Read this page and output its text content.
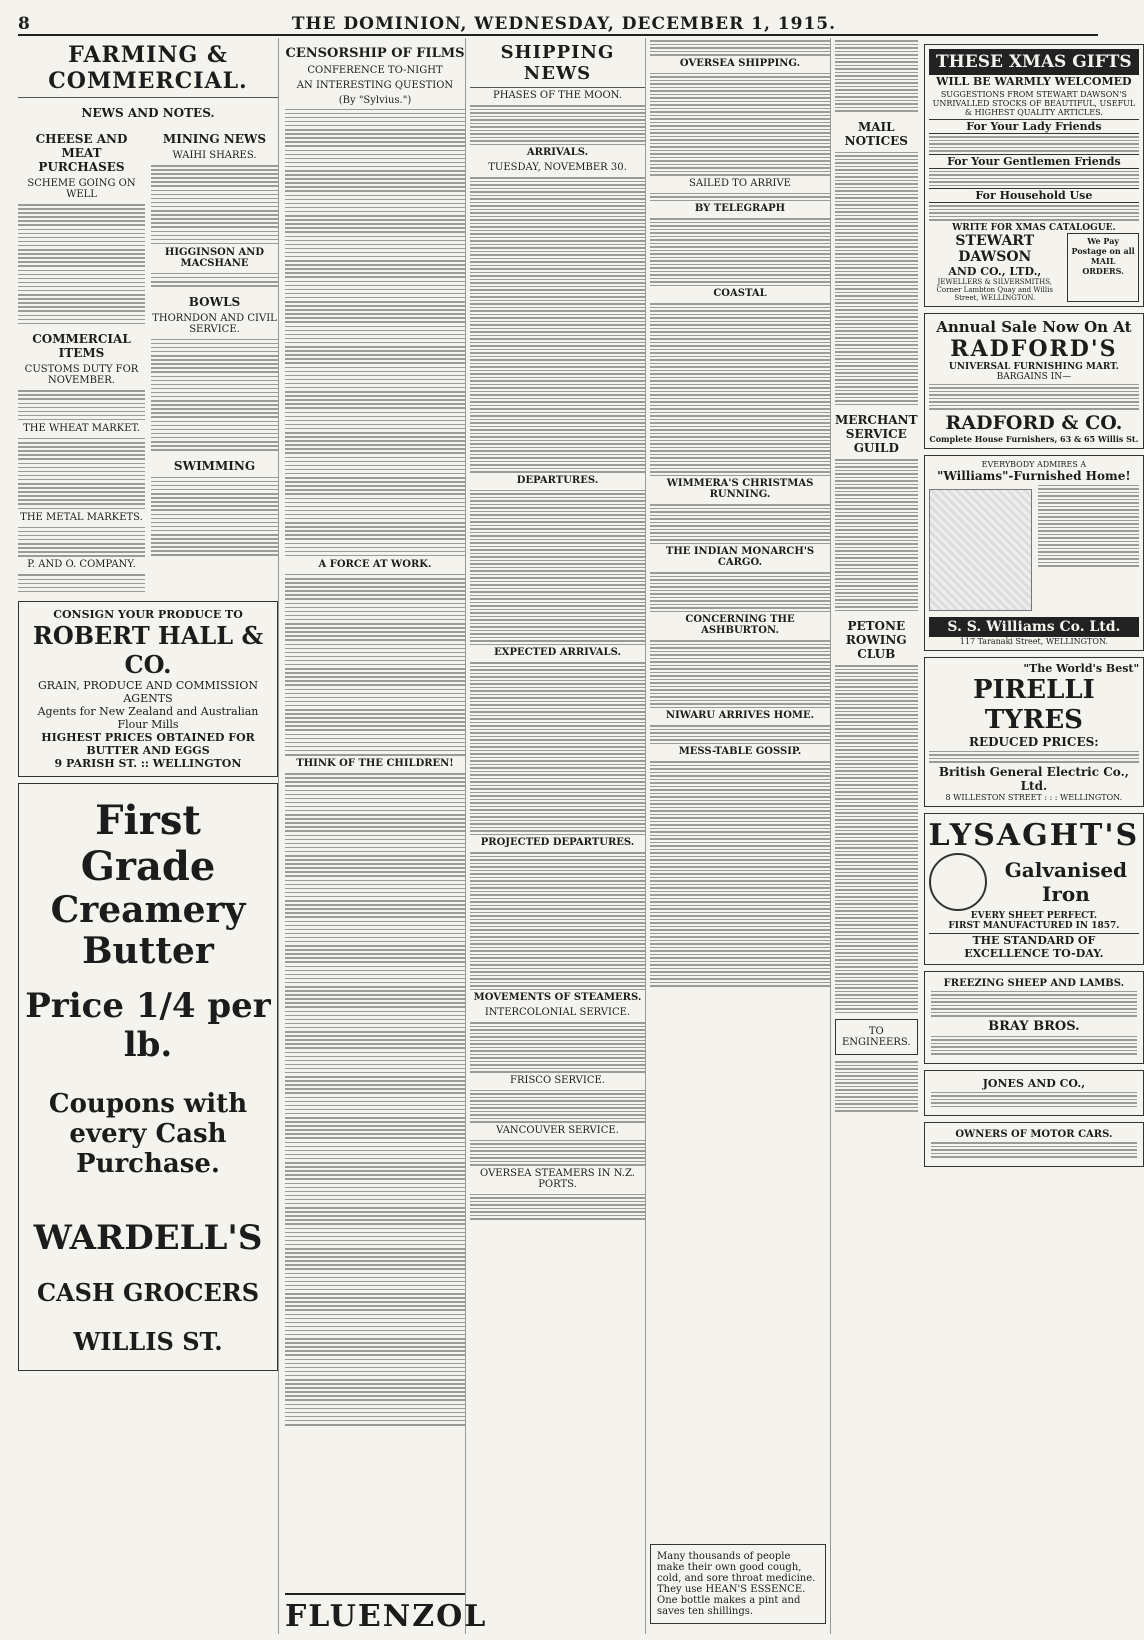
8	THE DOMINION, WEDNESDAY, DECEMBER 1, 1915.
FARMING & COMMERCIAL.
NEWS AND NOTES.
CHEESE AND MEAT PURCHASES
SCHEME GOING ON WELL
COMMERCIAL ITEMS
CUSTOMS DUTY FOR NOVEMBER.
THE WHEAT MARKET.
THE METAL MARKETS.
P. AND O. COMPANY.
MINING NEWS
WAIHI SHARES.
HIGGINSON AND MACSHANE
BOWLS
THORNDON AND CIVIL SERVICE.
SWIMMING
CONSIGN YOUR PRODUCE TO
ROBERT HALL & CO.
GRAIN, PRODUCE AND COMMISSION AGENTS
Agents for New Zealand and Australian Flour Mills
HIGHEST PRICES OBTAINED FOR BUTTER AND EGGS
9 PARISH ST. :: WELLINGTON
First Grade
Creamery Butter
Price 1/4 per lb.
Coupons with every Cash Purchase.
WARDELL'S
CASH GROCERS
WILLIS ST.
CENSORSHIP OF FILMS
CONFERENCE TO-NIGHT
AN INTERESTING QUESTION
(By "Sylvius.")
A FORCE AT WORK.
THINK OF THE CHILDREN!
FLUENZOL
SHIPPING NEWS
PHASES OF THE MOON.
ARRIVALS.
TUESDAY, NOVEMBER 30.
DEPARTURES.
EXPECTED ARRIVALS.
PROJECTED DEPARTURES.
MOVEMENTS OF STEAMERS.
INTERCOLONIAL SERVICE.
FRISCO SERVICE.
VANCOUVER SERVICE.
OVERSEA STEAMERS IN N.Z. PORTS.
OVERSEA SHIPPING.
SAILED TO ARRIVE
BY TELEGRAPH
COASTAL
WIMMERA'S CHRISTMAS RUNNING.
THE INDIAN MONARCH'S CARGO.
CONCERNING THE ASHBURTON.
NIWARU ARRIVES HOME.
MESS-TABLE GOSSIP.
Many thousands of people make their own good cough, cold, and sore throat medicine. They use HEAN'S ESSENCE. One bottle makes a pint and saves ten shillings.
MAIL NOTICES
MERCHANT SERVICE GUILD
PETONE ROWING CLUB
TO ENGINEERS.
THESE XMAS GIFTS
WILL BE WARMLY WELCOMED
SUGGESTIONS FROM STEWART DAWSON'S UNRIVALLED STOCKS OF BEAUTIFUL, USEFUL & HIGHEST QUALITY ARTICLES.
For Your Lady Friends
For Your Gentlemen Friends
For Household Use
WRITE FOR XMAS CATALOGUE.
STEWART DAWSON
AND CO., LTD.,
JEWELLERS & SILVERSMITHS, Corner Lambton Quay and Willis Street, WELLINGTON.
We Pay Postage on all MAIL ORDERS.
Annual Sale Now On At
RADFORD'S
UNIVERSAL FURNISHING MART.
BARGAINS IN—
RADFORD & CO.
Complete House Furnishers, 63 & 65 Willis St.
EVERYBODY ADMIRES A
"Williams"-Furnished Home!
S. S. Williams Co. Ltd.
117 Taranaki Street, WELLINGTON.
"The World's Best"
PIRELLI TYRES
REDUCED PRICES:
British General Electric Co., Ltd.
8 WILLESTON STREET : : : WELLINGTON.
LYSAGHT'S
Galvanised Iron
EVERY SHEET PERFECT.
FIRST MANUFACTURED IN 1857.
THE STANDARD OF EXCELLENCE TO-DAY.
FREEZING SHEEP AND LAMBS.
BRAY BROS.
JONES AND CO.,
OWNERS OF MOTOR CARS.
